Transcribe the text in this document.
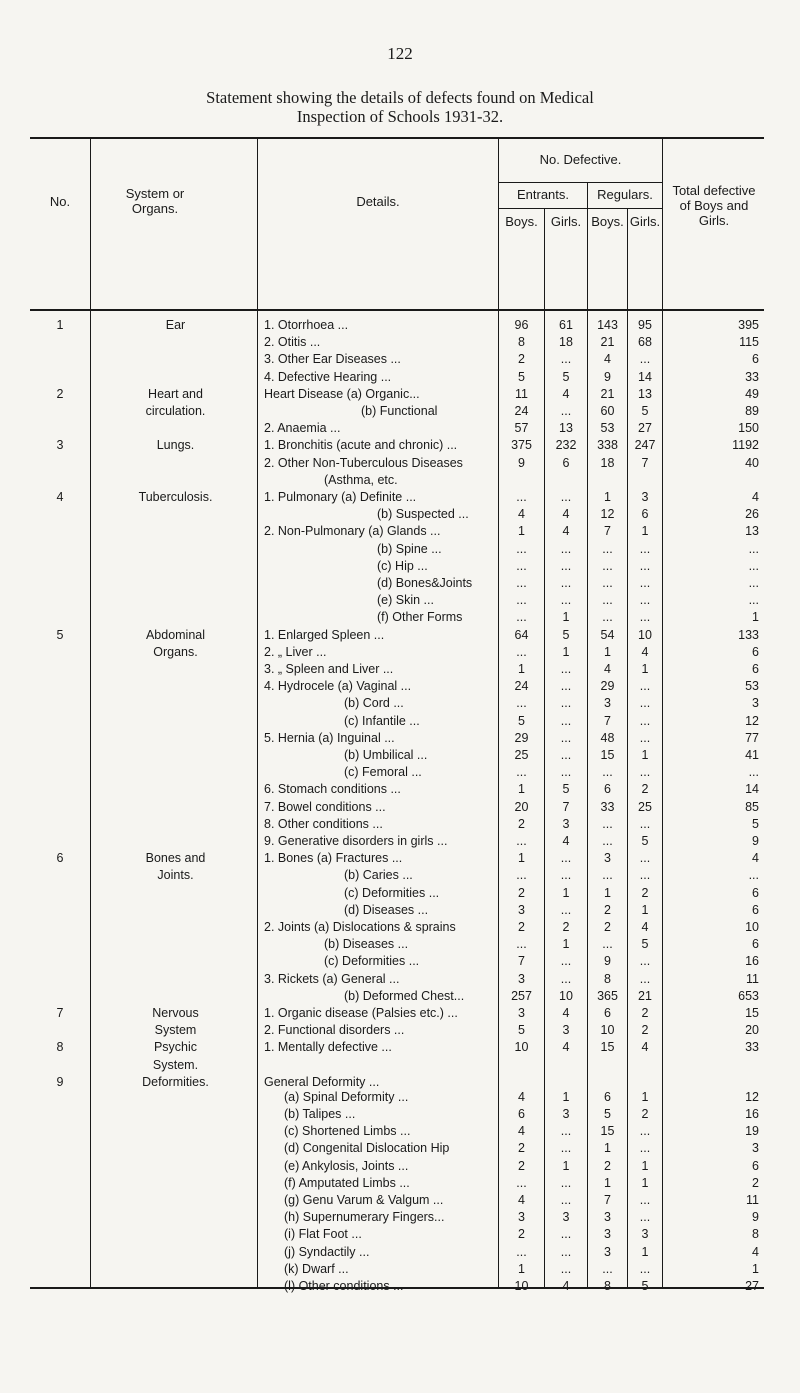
122
Statement showing the details of defects found on Medical
Inspection of Schools 1931-32.
No.
System or Organs.	Details.
No. Defective.
Entrants.	Regulars.
Boys.	Girls. Boys. Girls.
Total defective of Boys and Girls.
1	Ear	1. Otorrhoea ...	96	61	143	95	395
2. Otitis ...	8	18	21	68	115
3. Other Ear Diseases ...	2	...	4	...	6
4. Defective Hearing ...	5	5	9	14	33
2	Heart and	Heart Disease (a) Organic...	11	4	21	13	49
circulation.	(b) Functional	24	...	60	5	89
2. Anaemia ...	57	13	53	27	150
3	Lungs.	1. Bronchitis (acute and chronic) ...	375	232	338	247	1192
2. Other Non-Tuberculous Diseases	9	6	18	7	40
(Asthma, etc.
4	Tuberculosis.	1. Pulmonary (a) Definite ...	...	...	1	3	4
(b) Suspected ...	4	4	12	6	26
2. Non-Pulmonary (a) Glands ...	1	4	7	1	13
(b) Spine ...	...	...	...	...	...
(c) Hip ...	...	...	...	...	...
(d) Bones&Joints	...	...	...	...	...
(e) Skin ...	...	...	...	...	...
(f) Other Forms	...	1	...	...	1
5	Abdominal	1. Enlarged Spleen ...	64	5	54	10	133
Organs.	2. „ Liver ...	...	1	1	4	6
3. „ Spleen and Liver ...	1	...	4	1	6
4. Hydrocele (a) Vaginal ...	24	...	29	...	53
(b) Cord ...	...	...	3	...	3
(c) Infantile ...	5	...	7	...	12
5. Hernia (a) Inguinal ...	29	...	48	...	77
(b) Umbilical ...	25	...	15	1	41
(c) Femoral ...	...	...	...	...	...
6. Stomach conditions ...	1	5	6	2	14
7. Bowel conditions ...	20	7	33	25	85
8. Other conditions ...	2	3	...	...	5
9. Generative disorders in girls ...	...	4	...	5	9
6	Bones and	1. Bones (a) Fractures ...	1	...	3	...	4
Joints.	(b) Caries ...	...	...	...	...	...
(c) Deformities ...	2	1	1	2	6
(d) Diseases ...	3	...	2	1	6
2. Joints (a) Dislocations & sprains	2	2	2	4	10
(b) Diseases ...	...	1	...	5	6
(c) Deformities ...	7	...	9	...	16
3. Rickets (a) General ...	3	...	8	...	11
(b) Deformed Chest...	257	10	365	21	653
7	Nervous	1. Organic disease (Palsies etc.) ...	3	4	6	2	15
System	2. Functional disorders ...	5	3	10	2	20
8	Psychic	1. Mentally defective ...	10	4	15	4	33
System.
9	Deformities.	General Deformity ...
(a) Spinal Deformity ...	4	1	6	1	12
(b) Talipes ...	6	3	5	2	16
(c) Shortened Limbs ...	4	...	15	...	19
(d) Congenital Dislocation Hip	2	...	1	...	3
(e) Ankylosis, Joints ...	2	1	2	1	6
(f) Amputated Limbs ...	...	...	1	1	2
(g) Genu Varum & Valgum ...	4	...	7	...	11
(h) Supernumerary Fingers...	3	3	3	...	9
(i) Flat Foot ...	2	...	3	3	8
(j) Syndactily ...	...	...	3	1	4
(k) Dwarf ...	1	...	...	...	1
(l) Other conditions ...	10	4	8	5	27
